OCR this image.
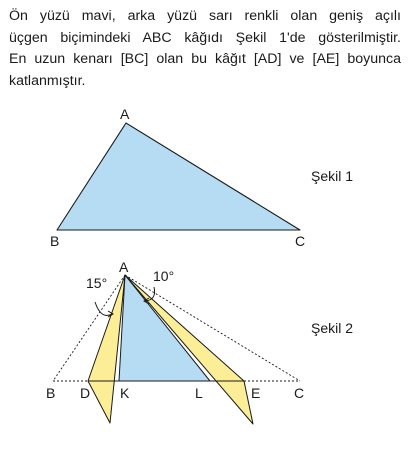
Ön yüzü mavi, arka yüzü sarı renkli olan geniş açılı
üçgen biçimindeki ABC kâğıdı Şekil 1'de gösterilmiştir.
En uzun kenarı [BC] olan bu kâğıt [AD] ve [AE] boyunca
katlanmıştır.

A
B	C
Şekil 1
A
15°	10°
B D K	L	E C
Şekil 2
